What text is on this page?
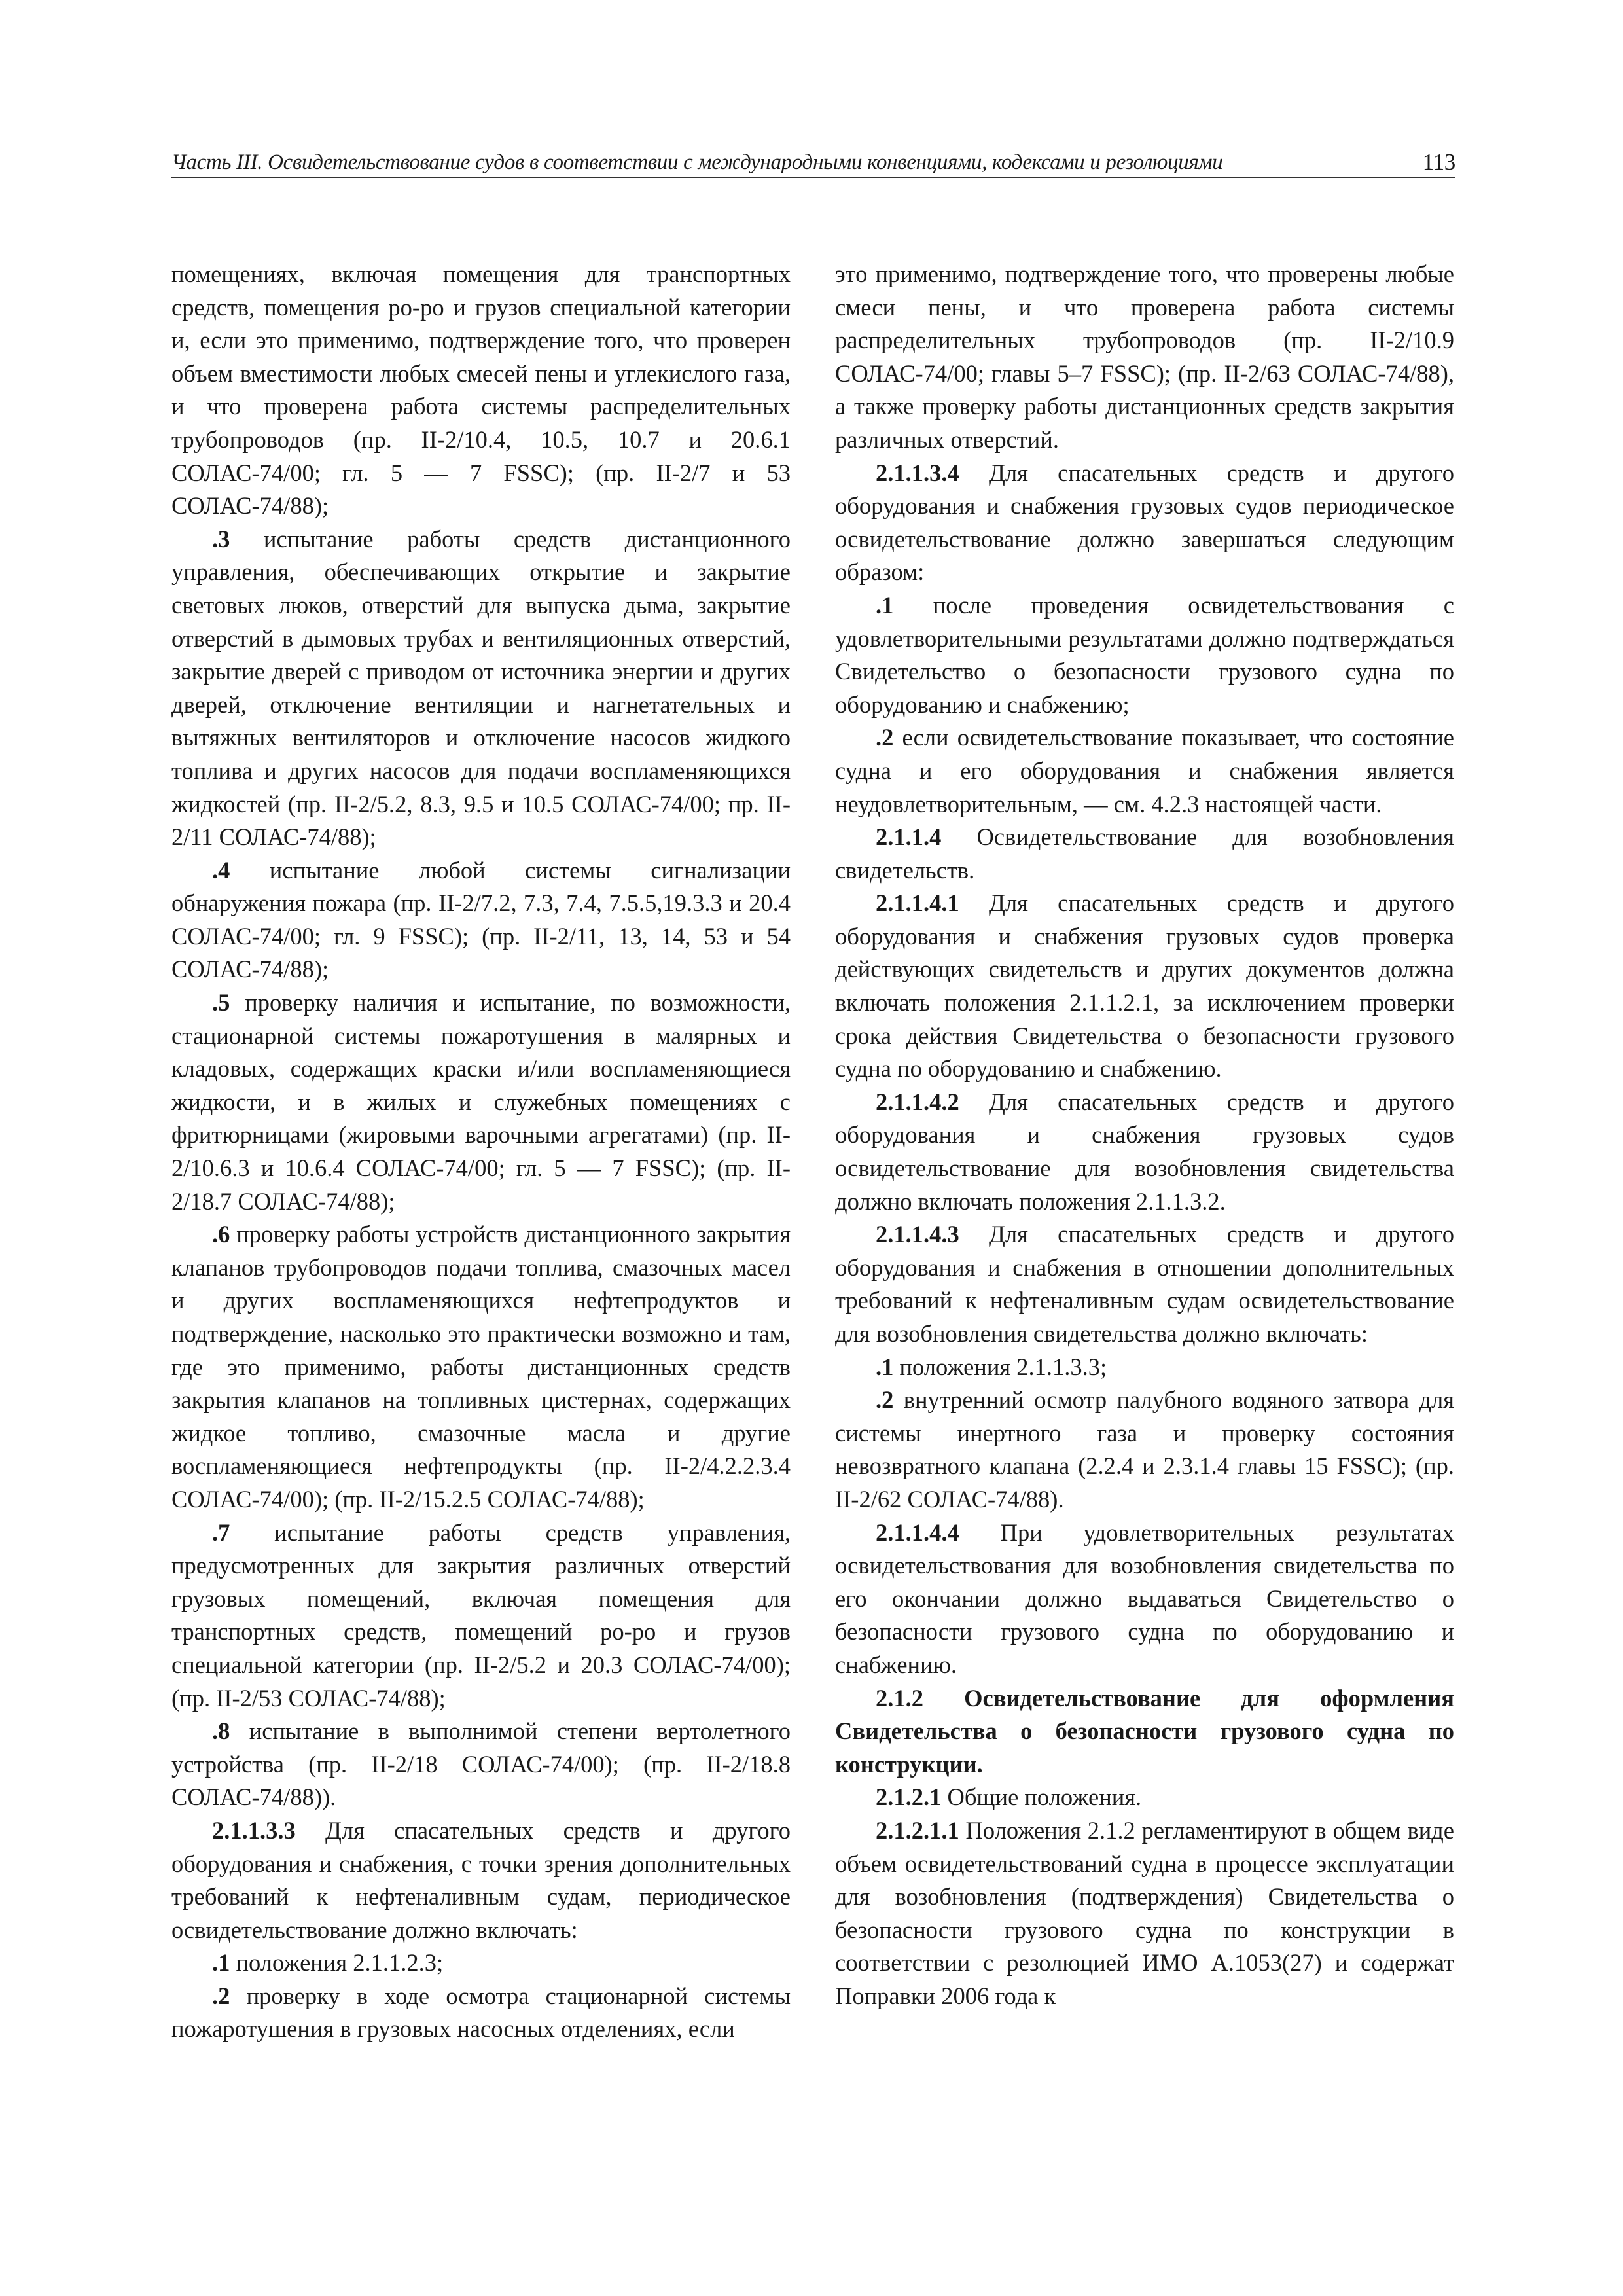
Часть III. Освидетельствование судов в соответствии с международными конвенциями, кодексами и резолюциями	113

помещениях, включая помещения для транспортных средств, помещения ро-ро и грузов специальной категории и, если это применимо, подтверждение того, что проверен объем вместимости любых смесей пены и углекислого газа, и что проверена работа системы распределительных трубопроводов (пр. II-2/10.4, 10.5, 10.7 и 20.6.1 СОЛАС-74/00; гл. 5 — 7 FSSC); (пр. II-2/7 и 53 СОЛАС-74/88);

.3 испытание работы средств дистанционного управления, обеспечивающих открытие и закрытие световых люков, отверстий для выпуска дыма, закрытие отверстий в дымовых трубах и вентиляционных отверстий, закрытие дверей с приводом от источника энергии и других дверей, отключение вентиляции и нагнетательных и вытяжных вентиляторов и отключение насосов жидкого топлива и других насосов для подачи воспламеняющихся жидкостей (пр. II-2/5.2, 8.3, 9.5 и 10.5 СОЛАС-74/00; пр. II-2/11 СОЛАС-74/88);

.4 испытание любой системы сигнализации обнаружения пожара (пр. II-2/7.2, 7.3, 7.4, 7.5.5,19.3.3 и 20.4 СОЛАС-74/00; гл. 9 FSSC); (пр. II-2/11, 13, 14, 53 и 54 СОЛАС-74/88);

.5 проверку наличия и испытание, по возможности, стационарной системы пожаротушения в малярных и кладовых, содержащих краски и/или воспламеняющиеся жидкости, и в жилых и служебных помещениях с фритюрницами (жировыми варочными агрегатами) (пр. II-2/10.6.3 и 10.6.4 СОЛАС-74/00; гл. 5 — 7 FSSC); (пр. II-2/18.7 СОЛАС-74/88);

.6 проверку работы устройств дистанционного закрытия клапанов трубопроводов подачи топлива, смазочных масел и других воспламеняющихся нефтепродуктов и подтверждение, насколько это практически возможно и там, где это применимо, работы дистанционных средств закрытия клапанов на топливных цистернах, содержащих жидкое топливо, смазочные масла и другие воспламеняющиеся нефтепродукты (пр. II-2/4.2.2.3.4 СОЛАС-74/00); (пр. II-2/15.2.5 СОЛАС-74/88);

.7 испытание работы средств управления, предусмотренных для закрытия различных отверстий грузовых помещений, включая помещения для транспортных средств, помещений ро-ро и грузов специальной категории (пр. II-2/5.2 и 20.3 СОЛАС-74/00); (пр. II-2/53 СОЛАС-74/88);

.8 испытание в выполнимой степени вертолетного устройства (пр. II-2/18 СОЛАС-74/00); (пр. II-2/18.8 СОЛАС-74/88)).

2.1.1.3.3 Для спасательных средств и другого оборудования и снабжения, с точки зрения дополнительных требований к нефтеналивным судам, периодическое освидетельствование должно включать:

.1 положения 2.1.1.2.3;

.2 проверку в ходе осмотра стационарной системы пожаротушения в грузовых насосных отделениях, если

это применимо, подтверждение того, что проверены любые смеси пены, и что проверена работа системы распределительных трубопроводов (пр. II-2/10.9 СОЛАС-74/00; главы 5–7 FSSC); (пр. II-2/63 СОЛАС-74/88), а также проверку работы дистанционных средств закрытия различных отверстий.

2.1.1.3.4 Для спасательных средств и другого оборудования и снабжения грузовых судов периодическое освидетельствование должно завершаться следующим образом:

.1 после проведения освидетельствования с удовлетворительными результатами должно подтверждаться Свидетельство о безопасности грузового судна по оборудованию и снабжению;

.2 если освидетельствование показывает, что состояние судна и его оборудования и снабжения является неудовлетворительным, — см. 4.2.3 настоящей части.

2.1.1.4 Освидетельствование для возобновления свидетельств.

2.1.1.4.1 Для спасательных средств и другого оборудования и снабжения грузовых судов проверка действующих свидетельств и других документов должна включать положения 2.1.1.2.1, за исключением проверки срока действия Свидетельства о безопасности грузового судна по оборудованию и снабжению.

2.1.1.4.2 Для спасательных средств и другого оборудования и снабжения грузовых судов освидетельствование для возобновления свидетельства должно включать положения 2.1.1.3.2.

2.1.1.4.3 Для спасательных средств и другого оборудования и снабжения в отношении дополнительных требований к нефтеналивным судам освидетельствование для возобновления свидетельства должно включать:

.1 положения 2.1.1.3.3;

.2 внутренний осмотр палубного водяного затвора для системы инертного газа и проверку состояния невозвратного клапана (2.2.4 и 2.3.1.4 главы 15 FSSC); (пр. II-2/62 СОЛАС-74/88).

2.1.1.4.4 При удовлетворительных результатах освидетельствования для возобновления свидетельства по его окончании должно выдаваться Свидетельство о безопасности грузового судна по оборудованию и снабжению.

2.1.2 Освидетельствование для оформления Свидетельства о безопасности грузового судна по конструкции.

2.1.2.1 Общие положения.

2.1.2.1.1 Положения 2.1.2 регламентируют в общем виде объем освидетельствований судна в процессе эксплуатации для возобновления (подтверждения) Свидетельства о безопасности грузового судна по конструкции в соответствии с резолюцией ИМО A.1053(27) и содержат Поправки 2006 года к
